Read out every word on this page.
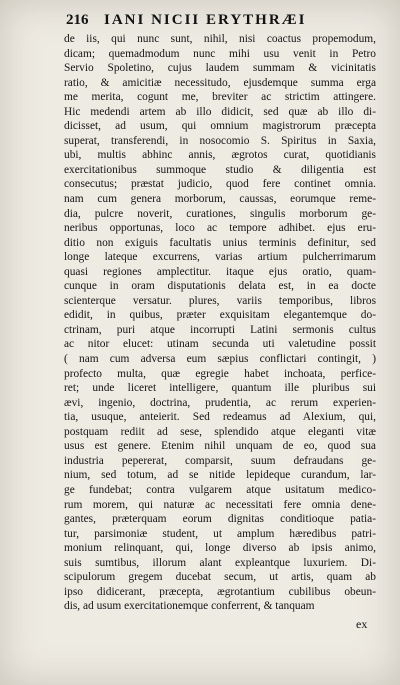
216 IANI NICII ERYTHRÆI
de iis, qui nunc sunt, nihil, nisi coactus propemodum,
dicam; quemadmodum nunc mihi usu venit in Petro
Servio Spoletino, cujus laudem summam & vicinitatis
ratio, & amicitiæ necessitudo, ejusdemque summa erga
me merita, cogunt me, breviter ac strictim attingere.
Hic medendi artem ab illo didicit, sed quæ ab illo di-
dicisset, ad usum, qui omnium magistrorum præcepta
superat, transferendi, in nosocomio S. Spiritus in Saxia,
ubi, multis abhinc annis, ægrotos curat, quotidianis
exercitationibus summoque studio & diligentia est
consecutus; præstat judicio, quod fere continet omnia.
nam cum genera morborum, caussas, eorumque reme-
dia, pulcre noverit, curationes, singulis morborum ge-
neribus opportunas, loco ac tempore adhibet. ejus eru-
ditio non exiguis facultatis unius terminis definitur, sed
longe lateque excurrens, varias artium pulcherrimarum
quasi regiones amplectitur. itaque ejus oratio, quam-
cunque in oram disputationis delata est, in ea docte
scienterque versatur. plures, variis temporibus, libros
edidit, in quibus, præter exquisitam elegantemque do-
ctrinam, puri atque incorrupti Latini sermonis cultus
ac nitor elucet: utinam secunda uti valetudine possit
( nam cum adversa eum sæpius conflictari contingit, )
profecto multa, quæ egregie habet inchoata, perfice-
ret; unde liceret intelligere, quantum ille pluribus sui
ævi, ingenio, doctrina, prudentia, ac rerum experien-
tia, usuque, anteierit. Sed redeamus ad Alexium, qui,
postquam rediit ad sese, splendido atque eleganti vitæ
usus est genere. Etenim nihil unquam de eo, quod sua
industria pepererat, comparsit, suum defraudans ge-
nium, sed totum, ad se nitide lepideque curandum, lar-
ge fundebat; contra vulgarem atque usitatum medico-
rum morem, qui naturæ ac necessitati fere omnia dene-
gantes, præterquam eorum dignitas conditioque patia-
tur, parsimoniæ student, ut amplum hæredibus patri-
monium relinquant, qui, longe diverso ab ipsis animo,
suis sumtibus, illorum alant expleantque luxuriem. Di-
scipulorum gregem ducebat secum, ut artis, quam ab
ipso didicerant, præcepta, ægrotantium cubilibus obeun-
dis, ad usum exercitationemque conferrent, & tanquam
ex
